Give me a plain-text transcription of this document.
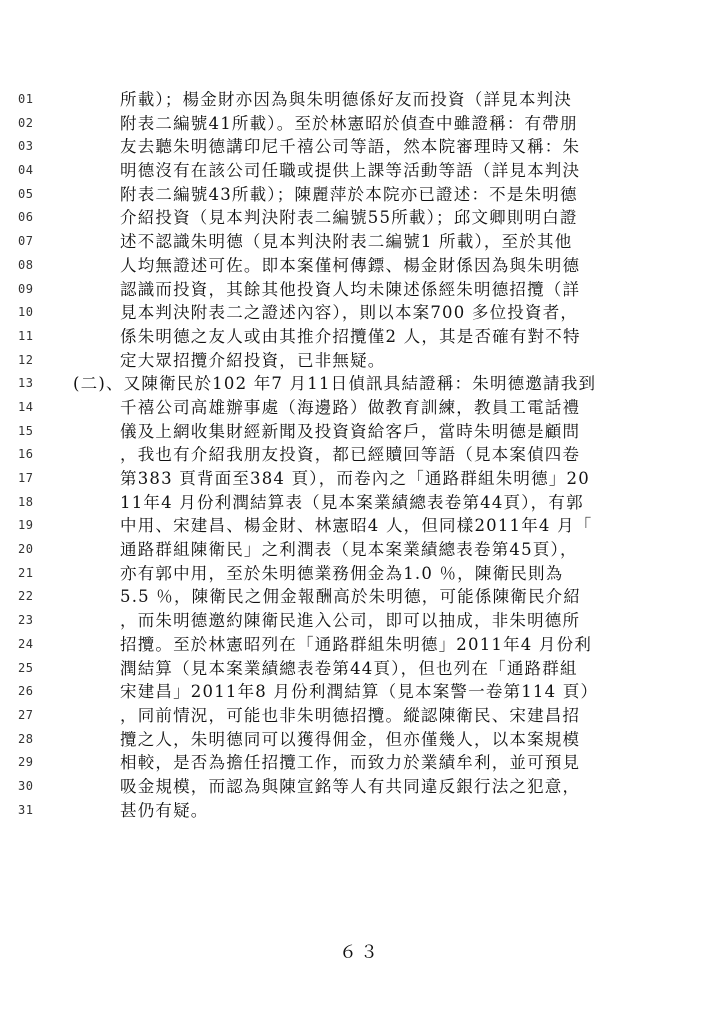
01	所載）；楊金財亦因為與朱明德係好友而投資（詳見本判決
02	附表二編號41所載）。至於林憲昭於偵查中雖證稱：有帶朋
03	友去聽朱明德講印尼千禧公司等語，然本院審理時又稱：朱
04	明德沒有在該公司任職或提供上課等活動等語（詳見本判決
05	附表二編號43所載）；陳麗萍於本院亦已證述：不是朱明德
06	介紹投資（見本判決附表二編號55所載）；邱文卿則明白證
07	述不認識朱明德（見本判決附表二編號1 所載），至於其他
08	人均無證述可佐。即本案僅柯傳鏢、楊金財係因為與朱明德
09	認識而投資，其餘其他投資人均未陳述係經朱明德招攬（詳
10	見本判決附表二之證述內容），則以本案700 多位投資者，
11	係朱明德之友人或由其推介招攬僅2 人，其是否確有對不特
12	定大眾招攬介紹投資，已非無疑。
13	(二)、又陳衛民於102 年7 月11日偵訊具結證稱：朱明德邀請我到
14	千禧公司高雄辦事處（海邊路）做教育訓練，教員工電話禮
15	儀及上網收集財經新聞及投資資給客戶，當時朱明德是顧問
16	，我也有介紹我朋友投資，都已經贖回等語（見本案偵四卷
17	第383 頁背面至384 頁），而卷內之「通路群組朱明德」20
18	11年4 月份利潤結算表（見本案業績總表卷第44頁），有郭
19	中用、宋建昌、楊金財、林憲昭4 人，但同樣2011年4 月「
20	通路群組陳衛民」之利潤表（見本案業績總表卷第45頁），
21	亦有郭中用，至於朱明德業務佣金為1.0 ％，陳衛民則為
22	5.5 ％，陳衛民之佣金報酬高於朱明德，可能係陳衛民介紹
23	，而朱明德邀約陳衛民進入公司，即可以抽成，非朱明德所
24	招攬。至於林憲昭列在「通路群組朱明德」2011年4 月份利
25	潤結算（見本案業績總表卷第44頁），但也列在「通路群組
26	宋建昌」2011年8 月份利潤結算（見本案警一卷第114 頁）
27	，同前情況，可能也非朱明德招攬。縱認陳衛民、宋建昌招
28	攬之人，朱明德同可以獲得佣金，但亦僅幾人，以本案規模
29	相較，是否為擔任招攬工作，而致力於業績牟利，並可預見
30	吸金規模，而認為與陳宣銘等人有共同違反銀行法之犯意，
31	甚仍有疑。
６３
